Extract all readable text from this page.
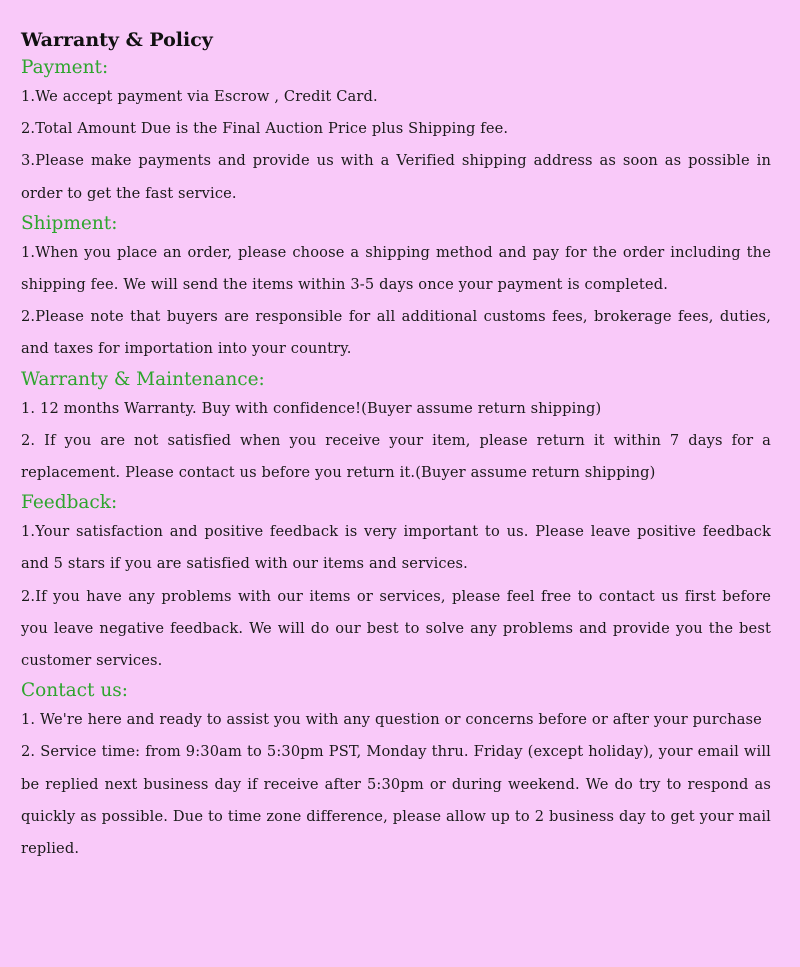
Warranty & Policy
Payment:

1.We accept payment via Escrow , Credit Card.

2.Total Amount Due is the Final Auction Price plus Shipping fee.

3.Please make payments and provide us with a Verified shipping address as soon as possible in order to get the fast service.

Shipment:

1.When you place an order, please choose a shipping method and pay for the order including the shipping fee. We will send the items within 3-5 days once your payment is completed.

2.Please note that buyers are responsible for all additional customs fees, brokerage fees, duties, and taxes for importation into your country.

Warranty & Maintenance:

1. 12 months Warranty. Buy with confidence!(Buyer assume return shipping)

2. If you are not satisfied when you receive your item, please return it within 7 days for a replacement. Please contact us before you return it.(Buyer assume return shipping)

Feedback:

1.Your satisfaction and positive feedback is very important to us. Please leave positive feedback and 5 stars if you are satisfied with our items and services.

2.If you have any problems with our items or services, please feel free to contact us first before you leave negative feedback. We will do our best to solve any problems and provide you the best customer services.

Contact us:

1. We're here and ready to assist you with any question or concerns before or after your purchase

2. Service time: from 9:30am to 5:30pm PST, Monday thru. Friday (except holiday), your email will be replied next business day if receive after 5:30pm or during weekend. We do try to respond as quickly as possible. Due to time zone difference, please allow up to 2 business day to get your mail replied.
